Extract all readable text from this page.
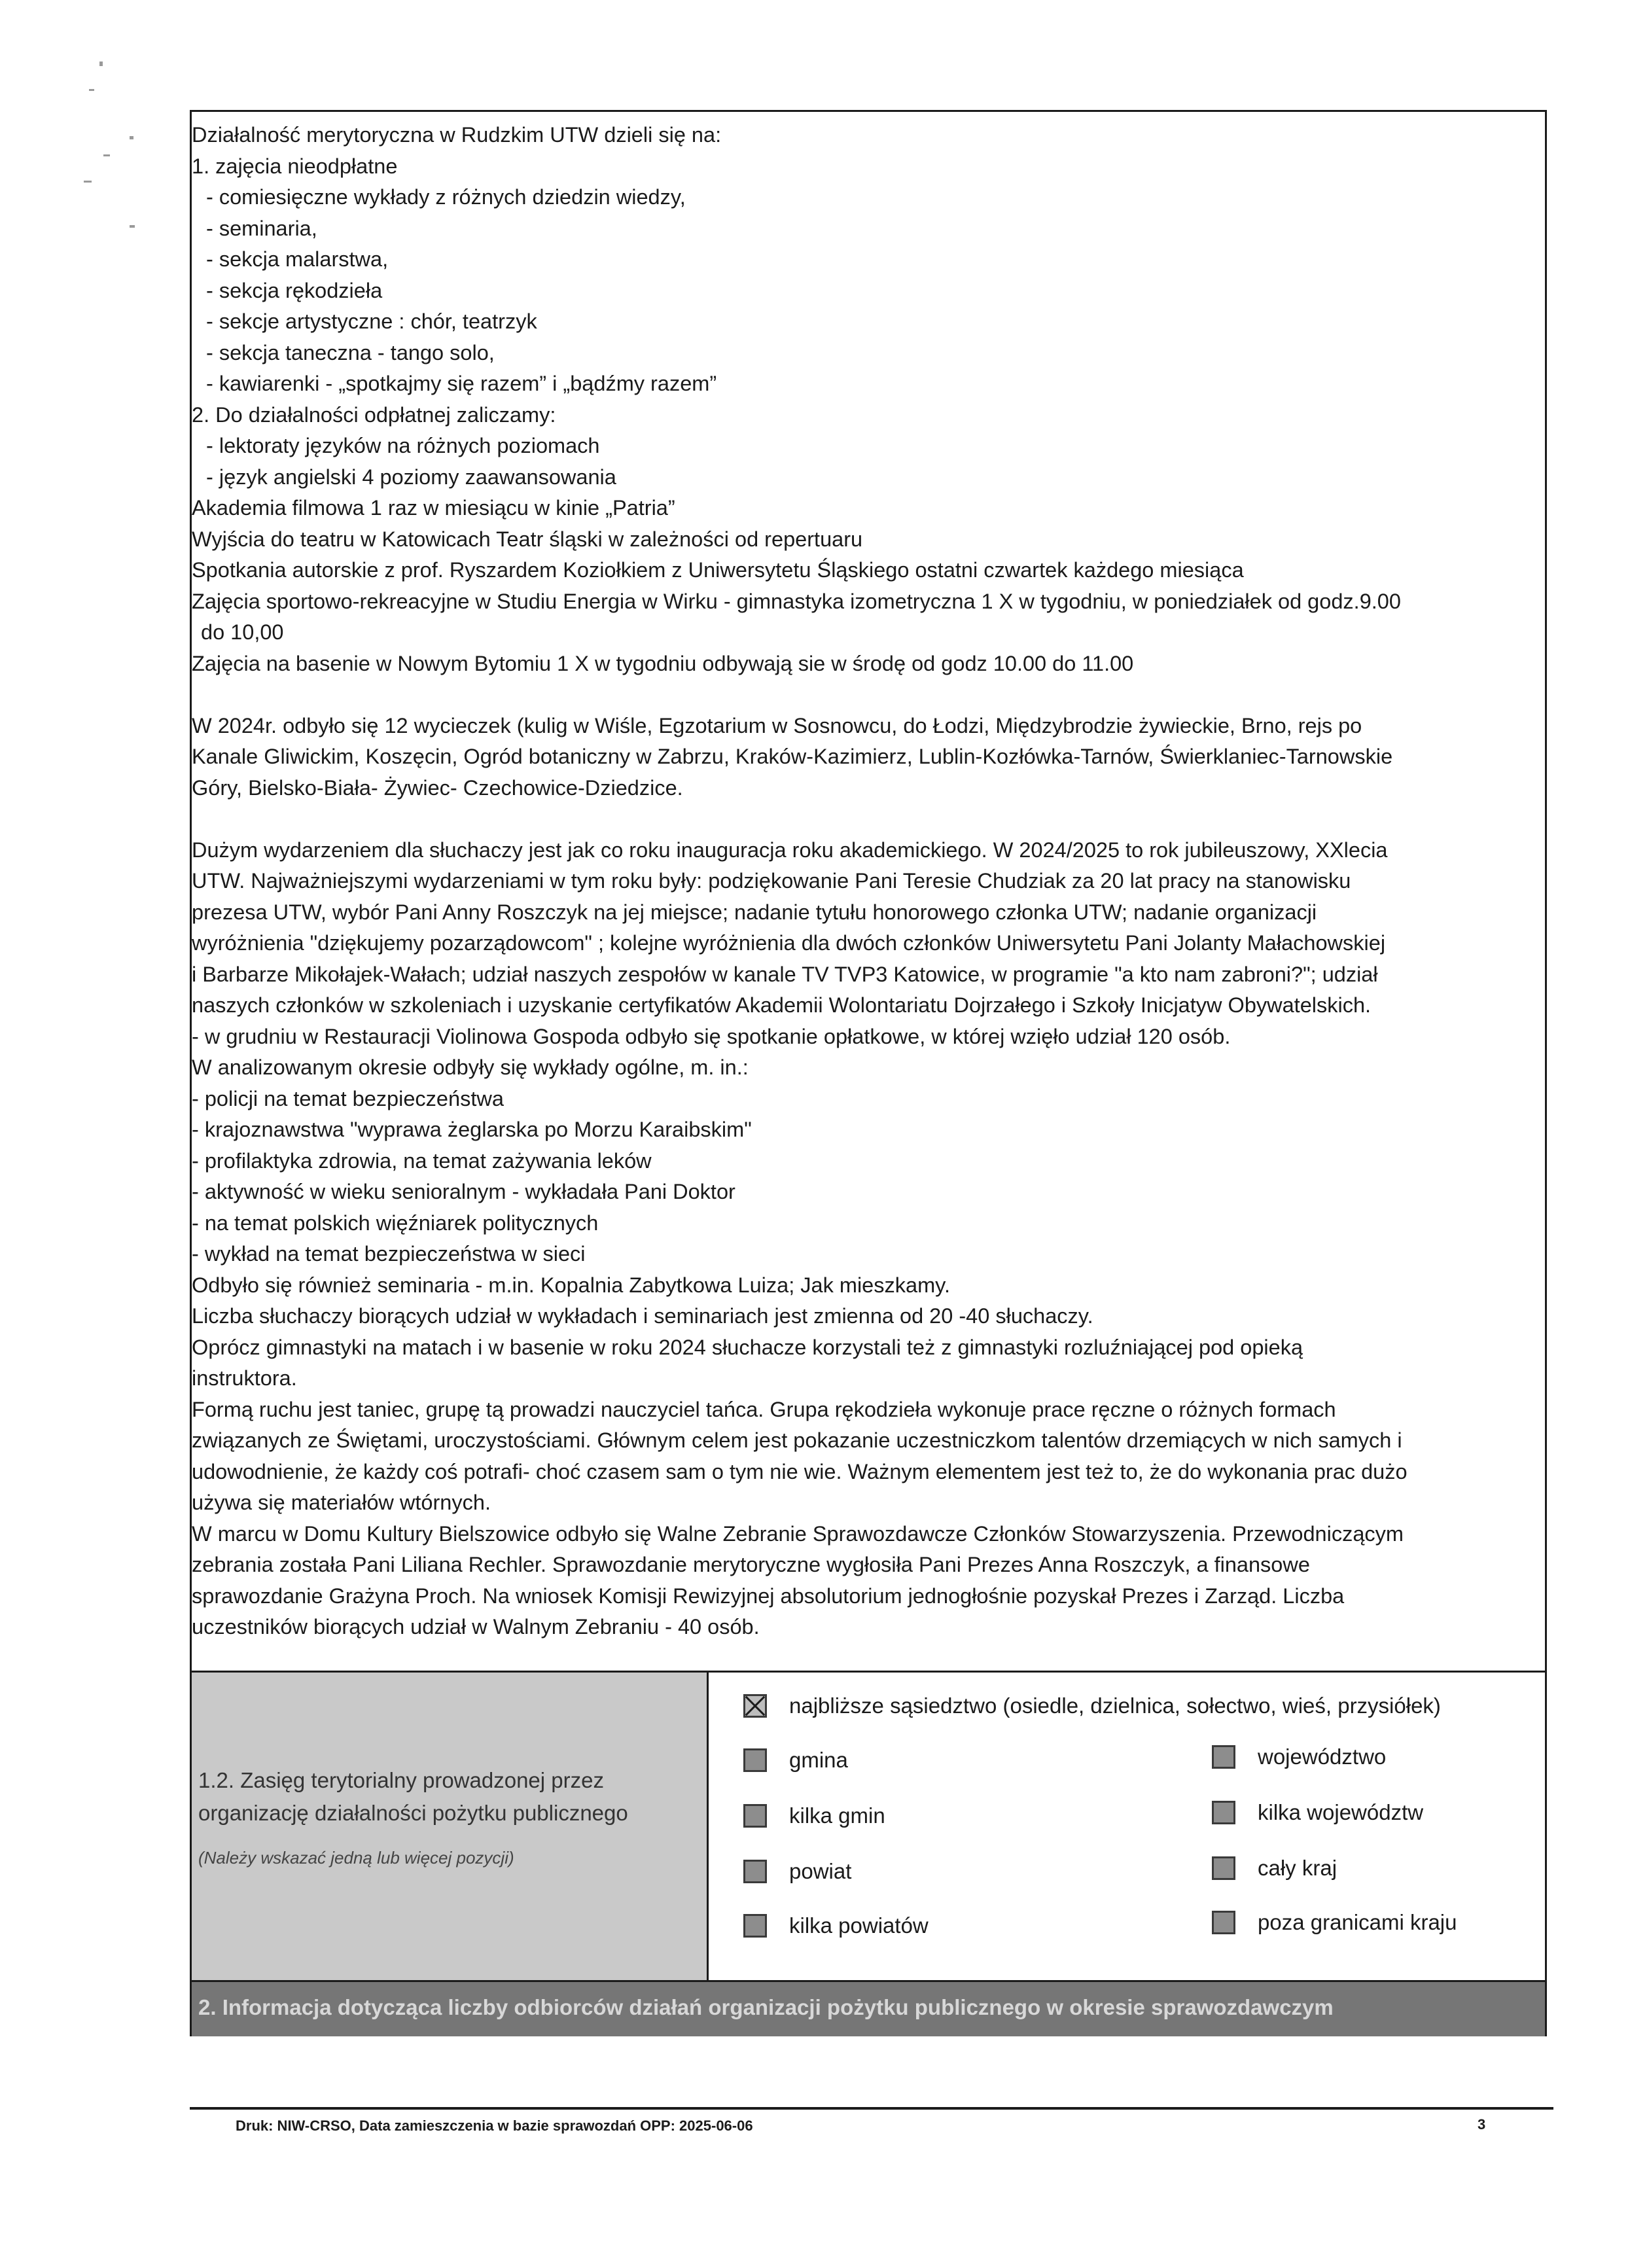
Działalność merytoryczna w Rudzkim UTW dzieli się na:

1. zajęcia nieodpłatne

- comiesięczne wykłady z różnych dziedzin wiedzy,

- seminaria,

- sekcja malarstwa,

- sekcja rękodzieła

- sekcje artystyczne : chór, teatrzyk

- sekcja taneczna - tango solo,

- kawiarenki - „spotkajmy się razem” i „bądźmy razem”

2. Do działalności odpłatnej zaliczamy:

- lektoraty języków na różnych poziomach

- język angielski 4 poziomy zaawansowania

Akademia filmowa 1 raz w miesiącu w kinie „Patria”

Wyjścia do teatru w Katowicach Teatr śląski w zależności od repertuaru

Spotkania autorskie z prof. Ryszardem Koziołkiem z Uniwersytetu Śląskiego ostatni czwartek każdego miesiąca

Zajęcia sportowo-rekreacyjne w Studiu Energia w Wirku - gimnastyka izometryczna 1 X w tygodniu, w poniedziałek od godz.9.00

do 10,00

Zajęcia na basenie w Nowym Bytomiu 1 X w tygodniu odbywają sie w środę od godz 10.00 do 11.00

W 2024r. odbyło się 12 wycieczek (kulig w Wiśle, Egzotarium w Sosnowcu, do Łodzi, Międzybrodzie żywieckie, Brno, rejs po

Kanale Gliwickim, Koszęcin, Ogród botaniczny w Zabrzu, Kraków-Kazimierz, Lublin-Kozłówka-Tarnów, Świerklaniec-Tarnowskie

Góry, Bielsko-Biała- Żywiec- Czechowice-Dziedzice.

Dużym wydarzeniem dla słuchaczy jest jak co roku inauguracja roku akademickiego. W 2024/2025 to rok jubileuszowy, XXlecia

UTW. Najważniejszymi wydarzeniami w tym roku były: podziękowanie Pani Teresie Chudziak za 20 lat pracy na stanowisku

prezesa UTW, wybór Pani Anny Roszczyk na jej miejsce; nadanie tytułu honorowego członka UTW; nadanie organizacji

wyróżnienia "dziękujemy pozarządowcom" ; kolejne wyróżnienia dla dwóch członków Uniwersytetu Pani Jolanty Małachowskiej

i Barbarze Mikołajek-Wałach; udział naszych zespołów w kanale TV TVP3 Katowice, w programie "a kto nam zabroni?"; udział

naszych członków w szkoleniach i uzyskanie certyfikatów Akademii Wolontariatu Dojrzałego i Szkoły Inicjatyw Obywatelskich.

- w grudniu w Restauracji Violinowa Gospoda odbyło się spotkanie opłatkowe, w której wzięło udział 120 osób.

W analizowanym okresie odbyły się wykłady ogólne, m. in.:

- policji na temat bezpieczeństwa

- krajoznawstwa "wyprawa żeglarska po Morzu Karaibskim"

- profilaktyka zdrowia, na temat zażywania leków

- aktywność w wieku senioralnym - wykładała Pani Doktor

- na temat polskich więźniarek politycznych

- wykład na temat bezpieczeństwa w sieci

Odbyło się również seminaria - m.in. Kopalnia Zabytkowa Luiza; Jak mieszkamy.

Liczba słuchaczy biorących udział w wykładach i seminariach jest zmienna od 20 -40 słuchaczy.

Oprócz gimnastyki na matach i w basenie w roku 2024 słuchacze korzystali też z gimnastyki rozluźniającej pod opieką

instruktora.

Formą ruchu jest taniec, grupę tą prowadzi nauczyciel tańca. Grupa rękodzieła wykonuje prace ręczne o różnych formach

związanych ze Świętami, uroczystościami. Głównym celem jest pokazanie uczestniczkom talentów drzemiących w nich samych i

udowodnienie, że każdy coś potrafi- choć czasem sam o tym nie wie. Ważnym elementem jest też to, że do wykonania prac dużo

używa się materiałów wtórnych.

W marcu w Domu Kultury Bielszowice odbyło się Walne Zebranie Sprawozdawcze Członków Stowarzyszenia. Przewodniczącym

zebrania została Pani Liliana Rechler. Sprawozdanie merytoryczne wygłosiła Pani Prezes Anna Roszczyk, a finansowe

sprawozdanie Grażyna Proch. Na wniosek Komisji Rewizyjnej absolutorium jednogłośnie pozyskał Prezes i Zarząd. Liczba

uczestników biorących udział w Walnym Zebraniu - 40 osób.

1.2. Zasięg terytorialny prowadzonej przez
organizację działalności pożytku publicznego
(Należy wskazać jedną lub więcej pozycji)
najbliższe sąsiedztwo (osiedle, dzielnica, sołectwo, wieś, przysiółek)
gmina	województwo
kilka gmin	kilka województw
powiat	cały kraj
kilka powiatów	poza granicami kraju
2. Informacja dotycząca liczby odbiorców działań organizacji pożytku publicznego w okresie sprawozdawczym
Druk: NIW-CRSO, Data zamieszczenia w bazie sprawozdań OPP: 2025-06-06	3
